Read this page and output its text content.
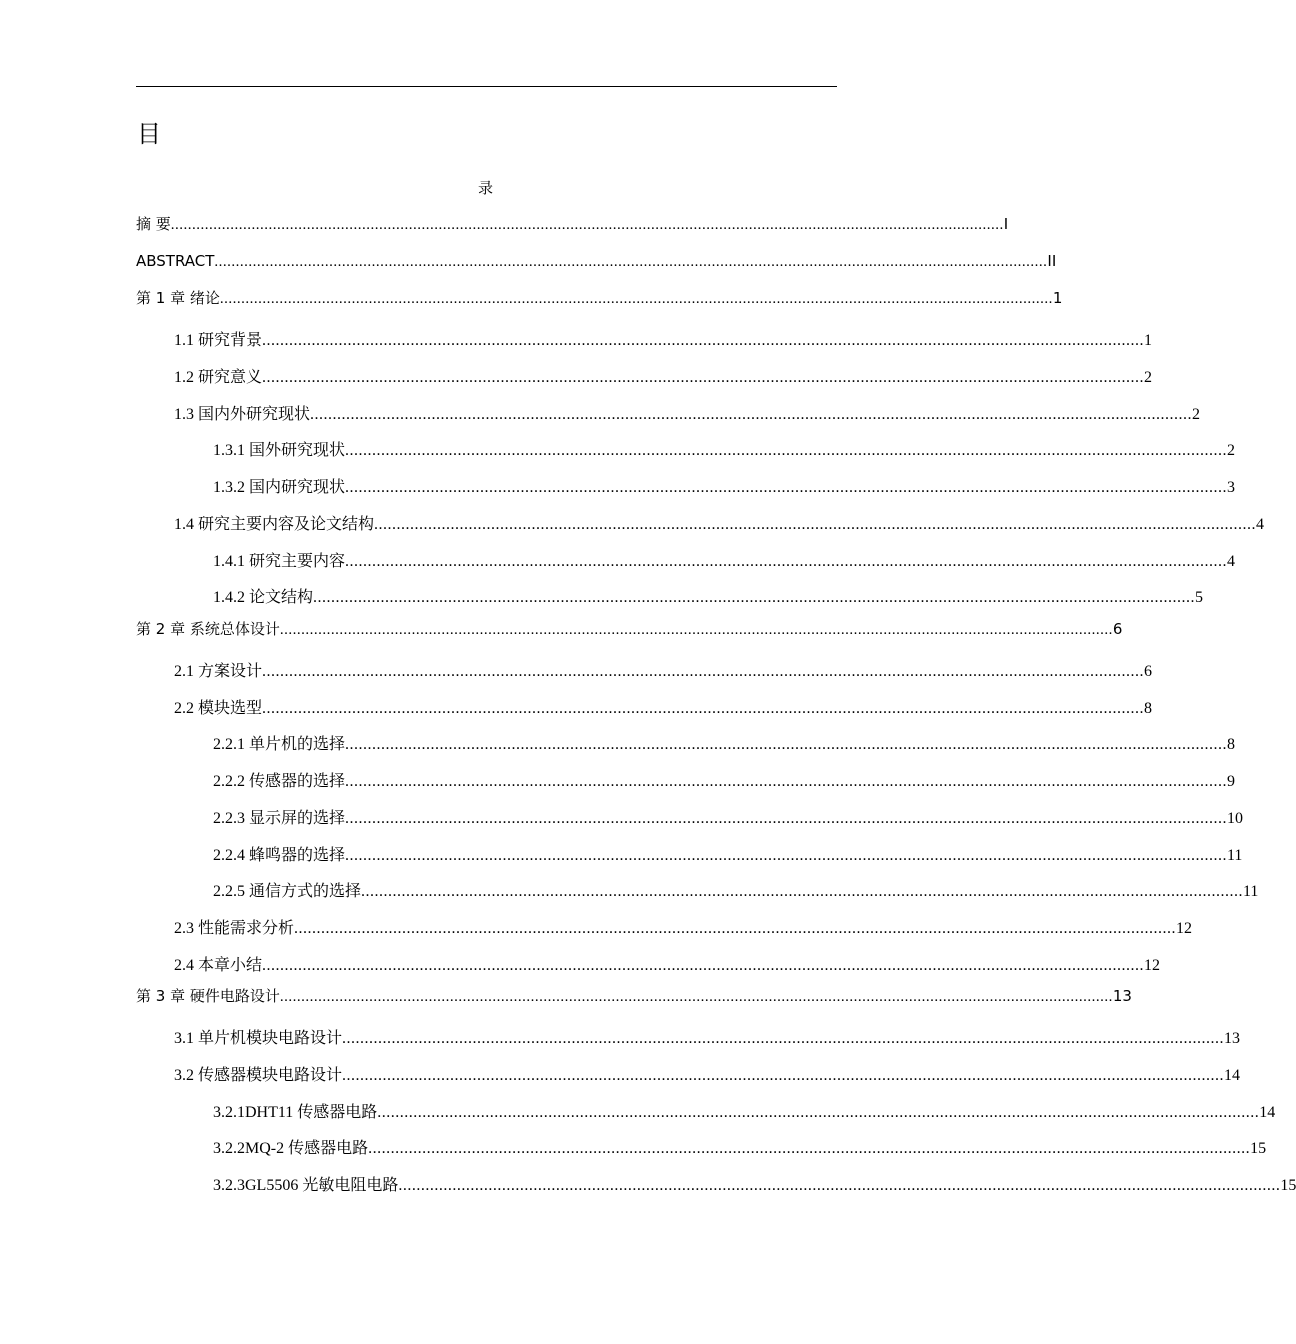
目
录
摘 要 .................................................................................................................................................................................................... I
ABSTRACT .................................................................................................................................................................................................... II
第 1 章 绪论 .................................................................................................................................................................................................... 1
1.1 研究背景 .................................................................................................................................................................................................... 1
1.2 研究意义 .................................................................................................................................................................................................... 2
1.3 国内外研究现状 .................................................................................................................................................................................................... 2
1.3.1 国外研究现状 .................................................................................................................................................................................................... 2
1.3.2 国内研究现状 .................................................................................................................................................................................................... 3
1.4 研究主要内容及论文结构 .................................................................................................................................................................................................... 4
1.4.1 研究主要内容 .................................................................................................................................................................................................... 4
1.4.2 论文结构 .................................................................................................................................................................................................... 5
第 2 章 系统总体设计 .................................................................................................................................................................................................... 6
2.1 方案设计 .................................................................................................................................................................................................... 6
2.2 模块选型 .................................................................................................................................................................................................... 8
2.2.1 单片机的选择 .................................................................................................................................................................................................... 8
2.2.2 传感器的选择 .................................................................................................................................................................................................... 9
2.2.3 显示屏的选择 .................................................................................................................................................................................................... 10
2.2.4 蜂鸣器的选择 .................................................................................................................................................................................................... 11
2.2.5 通信方式的选择 .................................................................................................................................................................................................... 11
2.3 性能需求分析 .................................................................................................................................................................................................... 12
2.4 本章小结 .................................................................................................................................................................................................... 12
第 3 章 硬件电路设计 .................................................................................................................................................................................................... 13
3.1 单片机模块电路设计 .................................................................................................................................................................................................... 13
3.2 传感器模块电路设计 .................................................................................................................................................................................................... 14
3.2.1DHT11 传感器电路 .................................................................................................................................................................................................... 14
3.2.2MQ-2 传感器电路 .................................................................................................................................................................................................... 15
3.2.3GL5506 光敏电阻电路 .................................................................................................................................................................................................... 15
